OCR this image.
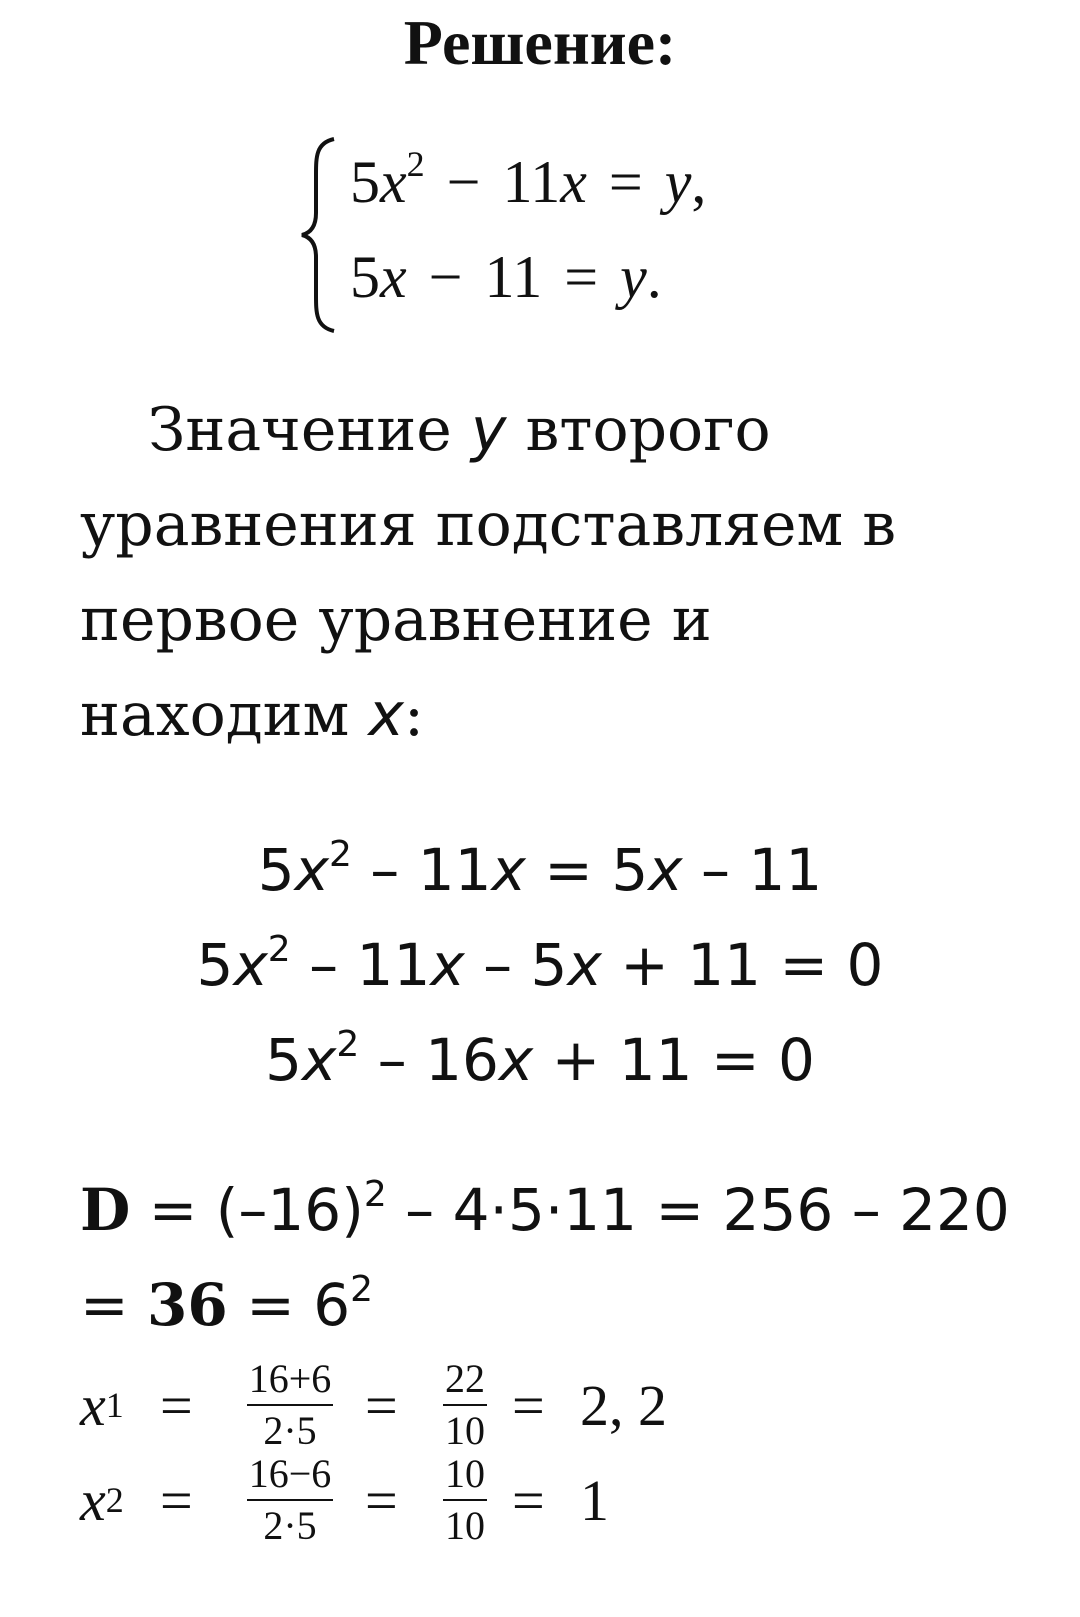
Решение:
$5x^2 - 11x = y$,
5x − 11 = y.
Значение у второго
уравнения подставляем в
первое уравнение и
находим х:
$5х^2 - 11х = 5х - 11$
$5х^2 - 11х - 5х + 11 = 0$
$5х^2 - 16х + 11 = 0$
$D = (-16)^2 - 4\cdot 5\cdot 11 = 256 - 220$
= $36 = 6^2$
x $1 = \frac{16+6}{2\cdot 5} = \frac{22}{10} = 2$, 2
x $2 = \frac{16-6}{2\cdot 5} = \frac{10}{10} = 1$
